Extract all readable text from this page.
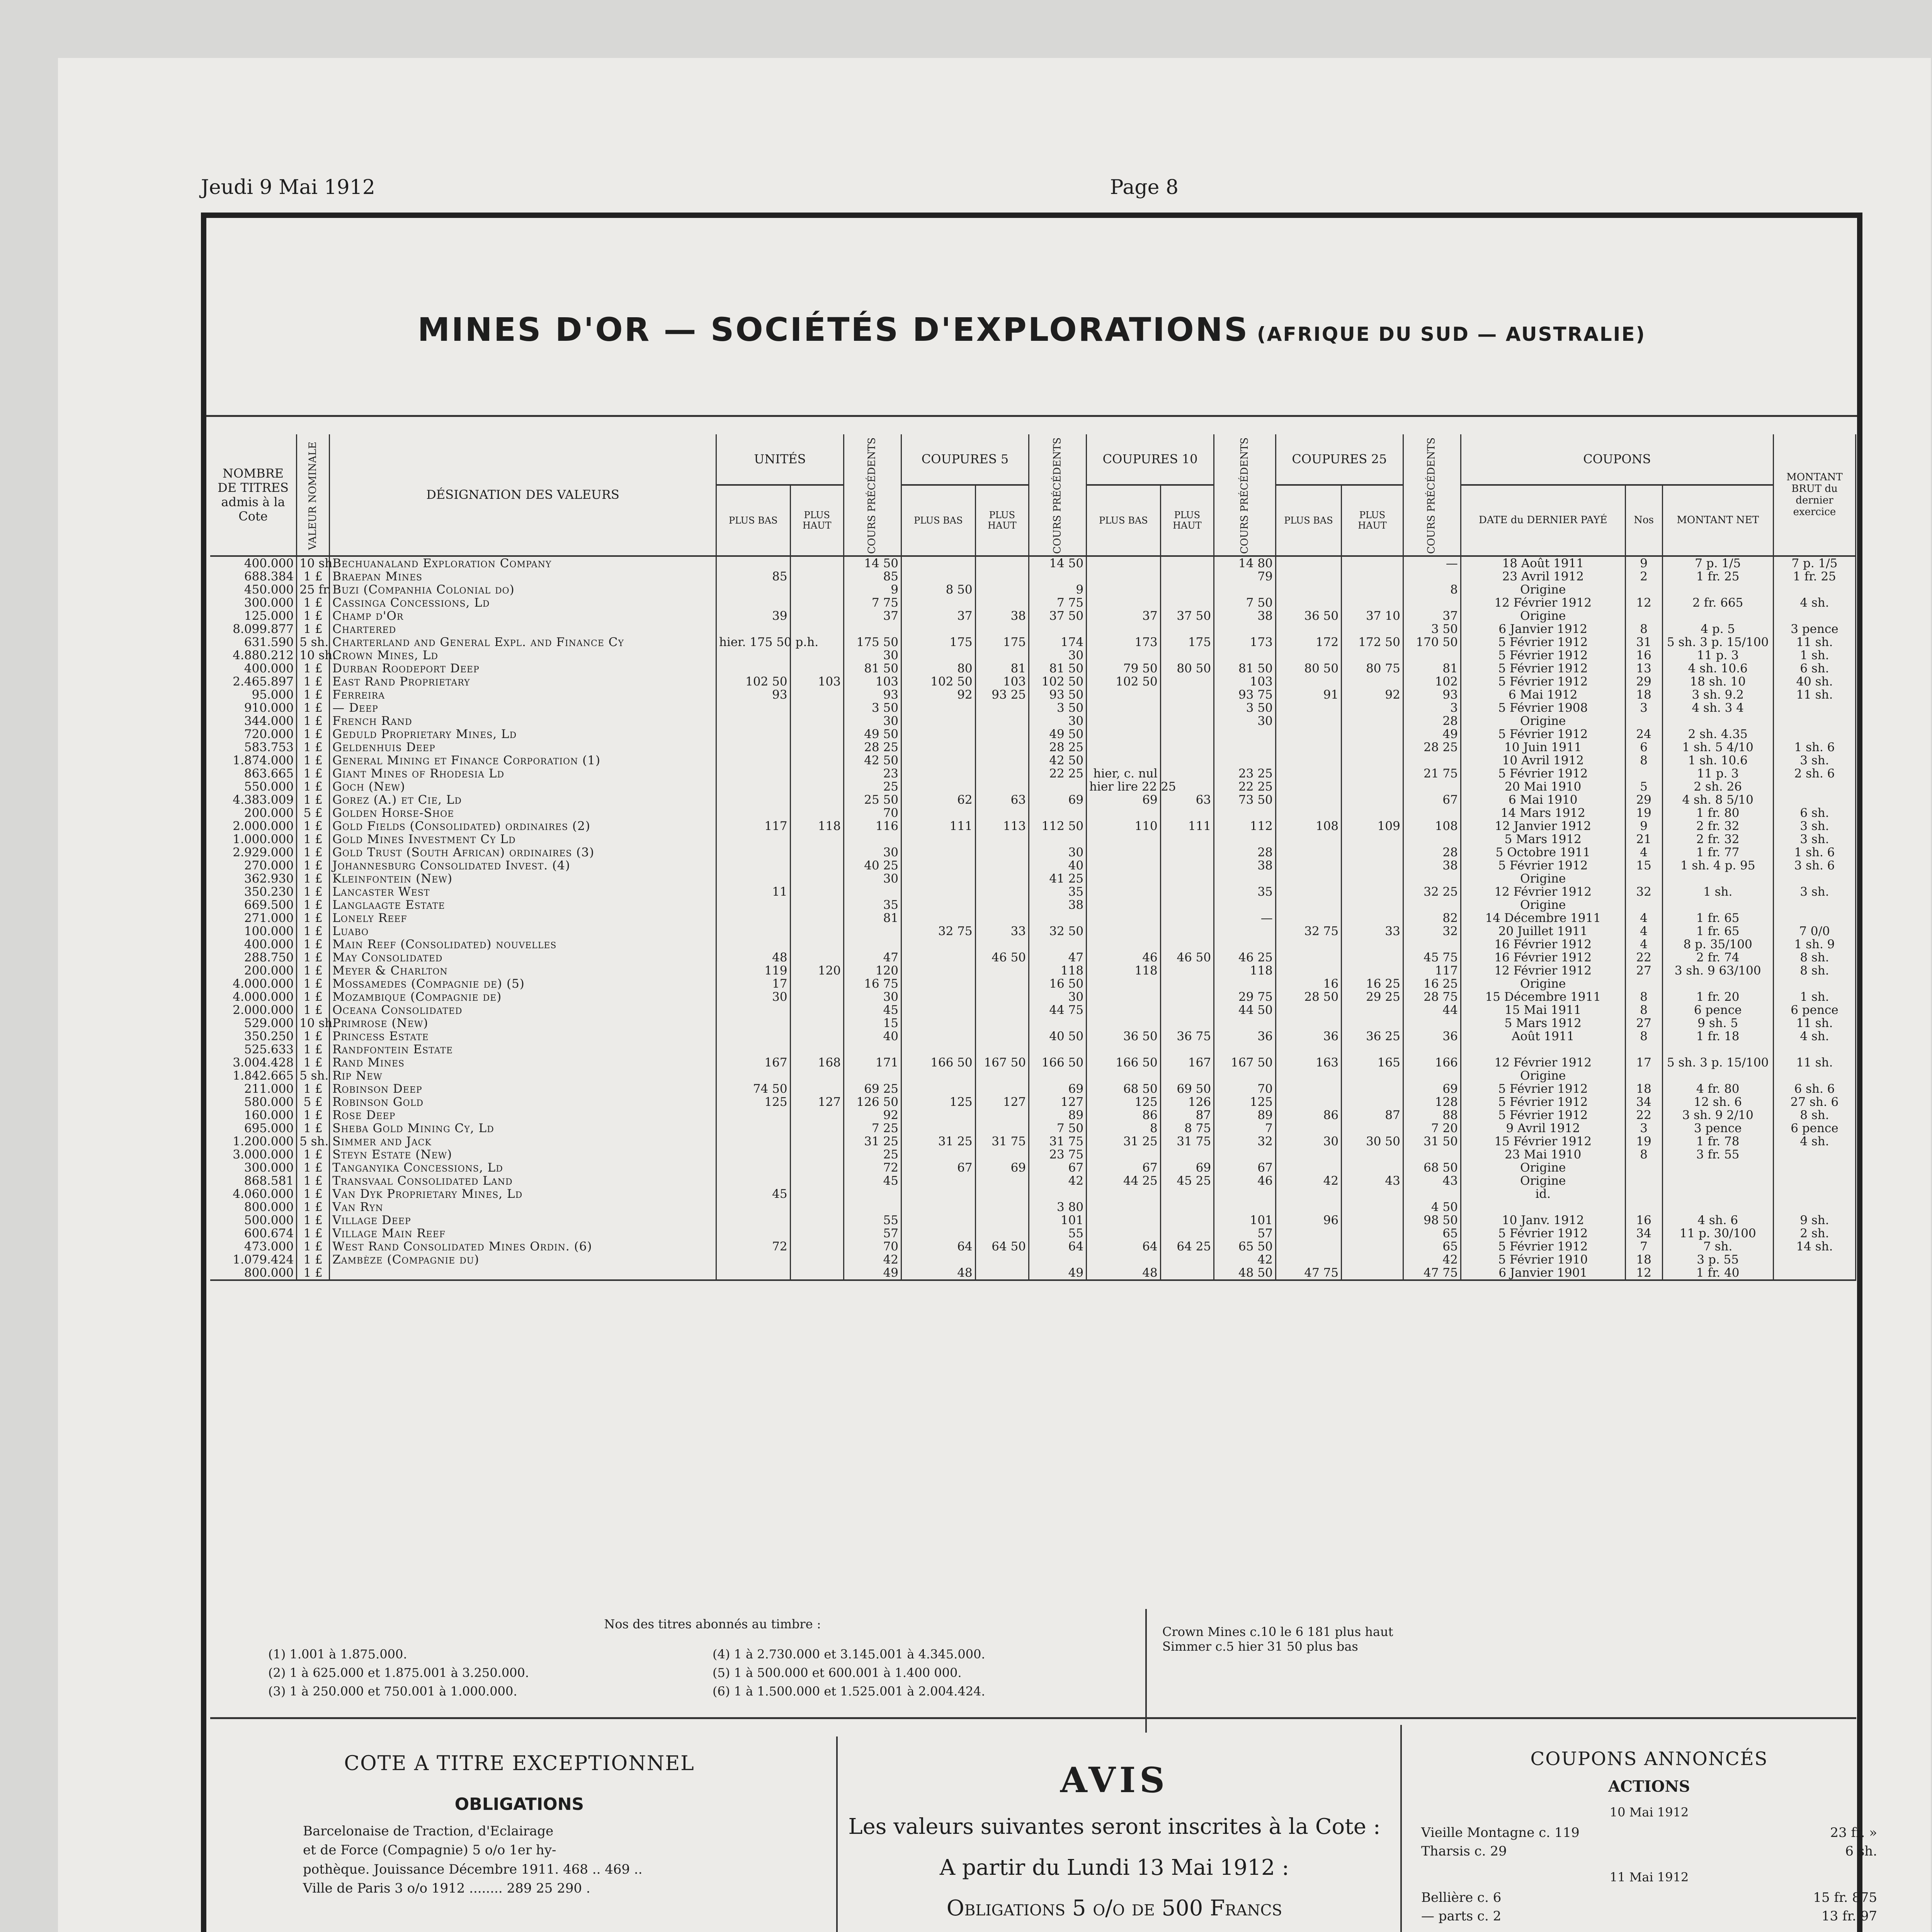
Jeudi 9 Mai 1912	Page 8
MINES D'OR — SOCIÉTÉS D'EXPLORATIONS (AFRIQUE DU SUD — AUSTRALIE)
NOMBRE DE TITRES admis à la Cote	VALEUR NOMINALE	DÉSIGNATION DES VALEURS	UNITÉS		COURS PRÉCÉDENTS	COUPURES 5		COURS PRÉCÉDENTS	COUPURES 10		COURS PRÉCÉDENTS	COUPURES 25		COURS PRÉCÉDENTS	COUPONS			MONTANT BRUT du dernier exercice
			PLUS BAS	PLUS HAUT		PLUS BAS	PLUS HAUT		PLUS BAS	PLUS HAUT		PLUS BAS	PLUS HAUT		DATE du DERNIER PAYÉ	Nos	MONTANT NET	
400.000	10 sh.	Bechuanaland Exploration Company			14 50			14 50			14 80			—	18 Août 1911	9	7 p. 1/5	7 p. 1/5
688.384	1 £	Braepan Mines	85		85						79				23 Avril 1912	2	1 fr. 25	1 fr. 25
450.000	25 fr.	Buzi (Companhia Colonial do)			9	8 50		9						8	Origine			
300.000	1 £	Cassinga Concessions, Ld			7 75			7 75			7 50				12 Février 1912	12	2 fr. 665	4 sh.
125.000	1 £	Champ d'Or	39		37	37	38	37 50	37	37 50	38	36 50	37 10	37	Origine			
8.099.877	1 £	Chartered												3 50	6 Janvier 1912	8	4 p. 5	3 pence
631.590	5 sh.	Charterland and General Expl. and Finance Cy	hier. 175 50 p.h.		175 50	175	175	174	173	175	173	172	172 50	170 50	5 Février 1912	31	5 sh. 3 p. 15/100	11 sh.
4.880.212	10 sh.	Crown Mines, Ld			30			30							5 Février 1912	16	11 p. 3	1 sh.
400.000	1 £	Durban Roodeport Deep			81 50	80	81	81 50	79 50	80 50	81 50	80 50	80 75	81	5 Février 1912	13	4 sh. 10.6	6 sh.
2.465.897	1 £	East Rand Proprietary	102 50	103	103	102 50	103	102 50	102 50		103			102	5 Février 1912	29	18 sh. 10	40 sh.
95.000	1 £	Ferreira	93		93	92	93 25	93 50			93 75	91	92	93	6 Mai 1912	18	3 sh. 9.2	11 sh.
910.000	1 £	— Deep			3 50			3 50			3 50			3	5 Février 1908	3	4 sh. 3 4	
344.000	1 £	French Rand			30			30			30			28	Origine			
720.000	1 £	Geduld Proprietary Mines, Ld			49 50			49 50						49	5 Février 1912	24	2 sh. 4.35	
583.753	1 £	Geldenhuis Deep			28 25			28 25						28 25	10 Juin 1911	6	1 sh. 5 4/10	1 sh. 6
1.874.000	1 £	General Mining et Finance Corporation (1)			42 50			42 50							10 Avril 1912	8	1 sh. 10.6	3 sh.
863.665	1 £	Giant Mines of Rhodesia Ld			23			22 25	hier, c. nul		23 25			21 75	5 Février 1912		11 p. 3	2 sh. 6
550.000	1 £	Goch (New)			25				hier lire 22 25		22 25				20 Mai 1910	5	2 sh. 26	
4.383.009	1 £	Gorez (A.) et Cie, Ld			25 50	62	63	69	69	63	73 50			67	6 Mai 1910	29	4 sh. 8 5/10	
200.000	5 £	Golden Horse-Shoe			70										14 Mars 1912	19	1 fr. 80	6 sh.
2.000.000	1 £	Gold Fields (Consolidated) ordinaires (2)	117	118	116	111	113	112 50	110	111	112	108	109	108	12 Janvier 1912	9	2 fr. 32	3 sh.
1.000.000	1 £	Gold Mines Investment Cy Ld													5 Mars 1912	21	2 fr. 32	3 sh.
2.929.000	1 £	Gold Trust (South African) ordinaires (3)			30			30			28			28	5 Octobre 1911	4	1 fr. 77	1 sh. 6
270.000	1 £	Johannesburg Consolidated Invest. (4)			40 25			40			38			38	5 Février 1912	15	1 sh. 4 p. 95	3 sh. 6
362.930	1 £	Kleinfontein (New)			30			41 25							Origine			
350.230	1 £	Lancaster West	11					35			35			32 25	12 Février 1912	32	1 sh.	3 sh.
669.500	1 £	Langlaagte Estate			35			38							Origine			
271.000	1 £	Lonely Reef			81						—			82	14 Décembre 1911	4	1 fr. 65	
100.000	1 £	Luabo				32 75	33	32 50				32 75	33	32	20 Juillet 1911	4	1 fr. 65	7 0/0
400.000	1 £	Main Reef (Consolidated) nouvelles													16 Février 1912	4	8 p. 35/100	1 sh. 9
288.750	1 £	May Consolidated	48		47		46 50	47	46	46 50	46 25			45 75	16 Février 1912	22	2 fr. 74	8 sh.
200.000	1 £	Meyer & Charlton	119	120	120			118	118		118			117	12 Février 1912	27	3 sh. 9 63/100	8 sh.
4.000.000	1 £	Mossamedes (Compagnie de) (5)	17		16 75			16 50				16	16 25	16 25	Origine			
4.000.000	1 £	Mozambique (Compagnie de)	30		30			30			29 75	28 50	29 25	28 75	15 Décembre 1911	8	1 fr. 20	1 sh.
2.000.000	1 £	Oceana Consolidated			45			44 75			44 50			44	15 Mai 1911	8	6 pence	6 pence
529.000	10 sh.	Primrose (New)			15										5 Mars 1912	27	9 sh. 5	11 sh.
350.250	1 £	Princess Estate			40			40 50	36 50	36 75	36	36	36 25	36	Août 1911	8	1 fr. 18	4 sh.
525.633	1 £	Randfontein Estate																
3.004.428	1 £	Rand Mines	167	168	171	166 50	167 50	166 50	166 50	167	167 50	163	165	166	12 Février 1912	17	5 sh. 3 p. 15/100	11 sh.
1.842.665	5 sh.	Rip New													Origine			
211.000	1 £	Robinson Deep	74 50		69 25			69	68 50	69 50	70			69	5 Février 1912	18	4 fr. 80	6 sh. 6
580.000	5 £	Robinson Gold	125	127	126 50	125	127	127	125	126	125			128	5 Février 1912	34	12 sh. 6	27 sh. 6
160.000	1 £	Rose Deep			92			89	86	87	89	86	87	88	5 Février 1912	22	3 sh. 9 2/10	8 sh.
695.000	1 £	Sheba Gold Mining Cy, Ld			7 25			7 50	8	8 75	7			7 20	9 Avril 1912	3	3 pence	6 pence
1.200.000	5 sh.	Simmer and Jack			31 25	31 25	31 75	31 75	31 25	31 75	32	30	30 50	31 50	15 Février 1912	19	1 fr. 78	4 sh.
3.000.000	1 £	Steyn Estate (New)			25			23 75							23 Mai 1910	8	3 fr. 55	
300.000	1 £	Tanganyika Concessions, Ld			72	67	69	67	67	69	67			68 50	Origine			
868.581	1 £	Transvaal Consolidated Land			45			42	44 25	45 25	46	42	43	43	Origine			
4.060.000	1 £	Van Dyk Proprietary Mines, Ld	45												id.			
800.000	1 £	Van Ryn						3 80						4 50				
500.000	1 £	Village Deep			55			101			101	96		98 50	10 Janv. 1912	16	4 sh. 6	9 sh.
600.674	1 £	Village Main Reef			57			55			57			65	5 Février 1912	34	11 p. 30/100	2 sh.
473.000	1 £	West Rand Consolidated Mines Ordin. (6)	72		70	64	64 50	64	64	64 25	65 50			65	5 Février 1912	7	7 sh.	14 sh.
1.079.424	1 £	Zambèze (Compagnie du)			42						42			42	5 Février 1910	18	3 p. 55	
800.000	1 £				49	48		49	48		48 50	47 75		47 75	6 Janvier 1901	12	1 fr. 40	
Nos des titres abonnés au timbre :
(1) 1.001 à 1.875.000.	(4) 1 à 2.730.000 et 3.145.001 à 4.345.000.
(2) 1 à 625.000 et 1.875.001 à 3.250.000.	(5) 1 à 500.000 et 600.001 à 1.400 000.
(3) 1 à 250.000 et 750.001 à 1.000.000.	(6) 1 à 1.500.000 et 1.525.001 à 2.004.424.
Crown Mines c.10 le 6 181 plus haut
Simmer c.5 hier 31 50 plus bas
COTE A TITRE EXCEPTIONNEL
OBLIGATIONS
Barcelonaise de Traction, d'Eclairage
et de Force (Compagnie) 5 o/o 1er hy-
pothèque. Jouissance Décembre 1911. 468 .. 469 ..
Ville de Paris 3 o/o 1912 ........ 289 25 290 .
AVIS

Les valeurs suivantes seront inscrites à la Cote :

A partir du Lundi 13 Mai 1912 :

Obligations 5 o/o de 500 Francs

COUPONS ANNONCÉS
ACTIONS
10 Mai 1912
Vieille Montagne c. 119	23 fr. »
Tharsis c. 29	6 sh.
11 Mai 1912
Bellière c. 6	15 fr. 875
— parts c. 2	13 fr. 97
